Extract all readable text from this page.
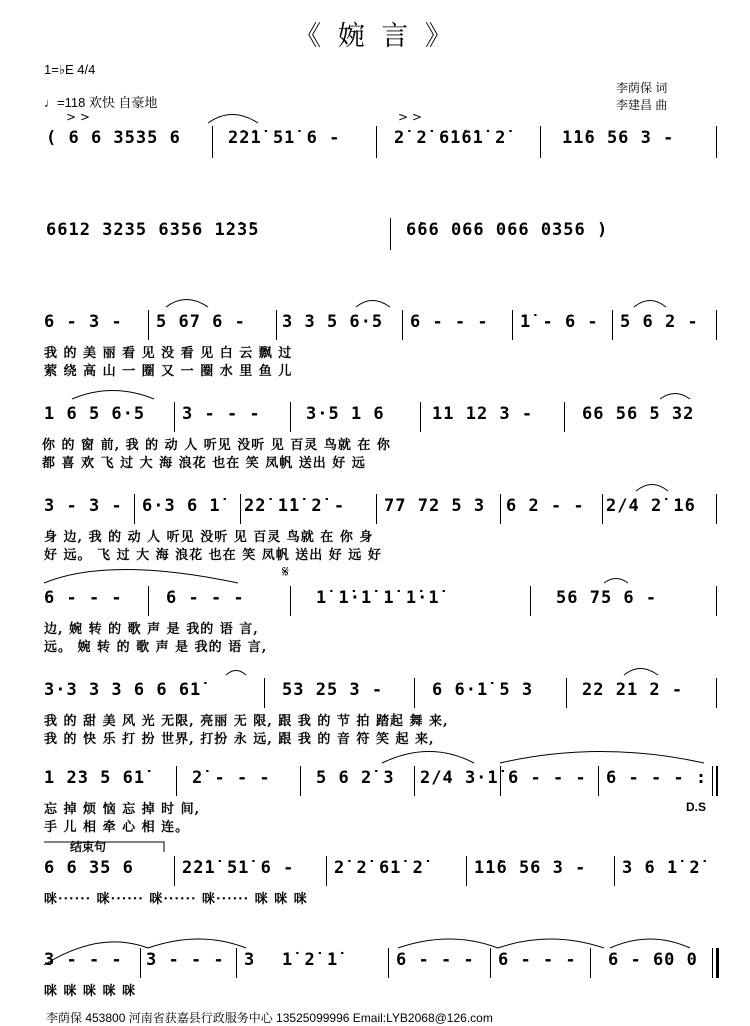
《 婉 言 》
1=♭E 4/4
♩=118 欢快 自豪地
李荫保 词
李建昌 曲
> >	> >
( 6 6 3535 6	2̇2̇1̇ 51̇ 6 -	2̇ 2̇ 6̇1̇6̇1̇ 2̇	1̇1̇6 56 3 -
6612 3235 6356 1̇2̇3̇5	6̇66 066 066 0356 )
6 - 3 - 5 67 6 - 3 3 5 6·5 6 - - - 1̇ - 6 - 5 6 2 -
我 的 美 丽 看 见 没 看 见 白 云 飘 过
萦 绕 高 山 一 圈 又 一 圈 水 里 鱼 儿
1 6 5 6·5 3 - - -	3·5 1 6	11 12 3 -	66 56 5 32
你 的 窗 前, 我 的 动 人 听见 没听 见 百灵 鸟就 在 你
都 喜 欢 飞 过 大 海 浪花 也在 笑 凤帆 送出 好 远
3 - 3 - 6·3 6 1̇ 2̇2̇ 1̇1̇ 2̇ - 77 72 5 3 6 2 - - 2/4 2̇ 1̇6
身 边, 我 的 动 人 听见 没听 见 百灵 鸟就 在 你 身
好 远。 飞 过 大 海 浪花 也在 笑 凤帆 送出 好 远 好
6 - - -	6 - - -	1̇ 1̇·1̇ 1̇ 1̇·1̇	56 75 6 -
𝄋
边, 婉 转 的 歌 声 是 我的 语 言,
远。 婉 转 的 歌 声 是 我的 语 言,
3·3 3 3 6 6 61̇	53 25 3 -	6 6·1̇ 5 3	22 21 2 -
我 的 甜 美 风 光 无限, 亮丽 无 限, 跟 我 的 节 拍 踏起 舞 来,
我 的 快 乐 打 扮 世界, 打扮 永 远, 跟 我 的 音 符 笑 起 来,
1 23 5 61̇	2̇ - - -	5 6 2̇ 3 2/4 3·1̇ 6 - - - 6 - - - :
忘 掉 烦 恼 忘 掉 时 间,
手 儿 相 牵 心 相 连。
D.S
结束句
6 6 35 6	2̇2̇1̇ 51̇ 6 - 2̇ 2̇ 61̇ 2̇	1̇1̇6 56 3 - 3 6 1̇ 2̇
咪······ 咪······ 咪······ 咪······ 咪 咪 咪
3 - - - 3 - - - 3 1̇ 2̇ 1̇	6 - - - 6 - - - 6 - 60 0
咪 咪 咪 咪 咪
李荫保 453800 河南省获嘉县行政服务中心 13525099996 Email:LYB2068@126.com
